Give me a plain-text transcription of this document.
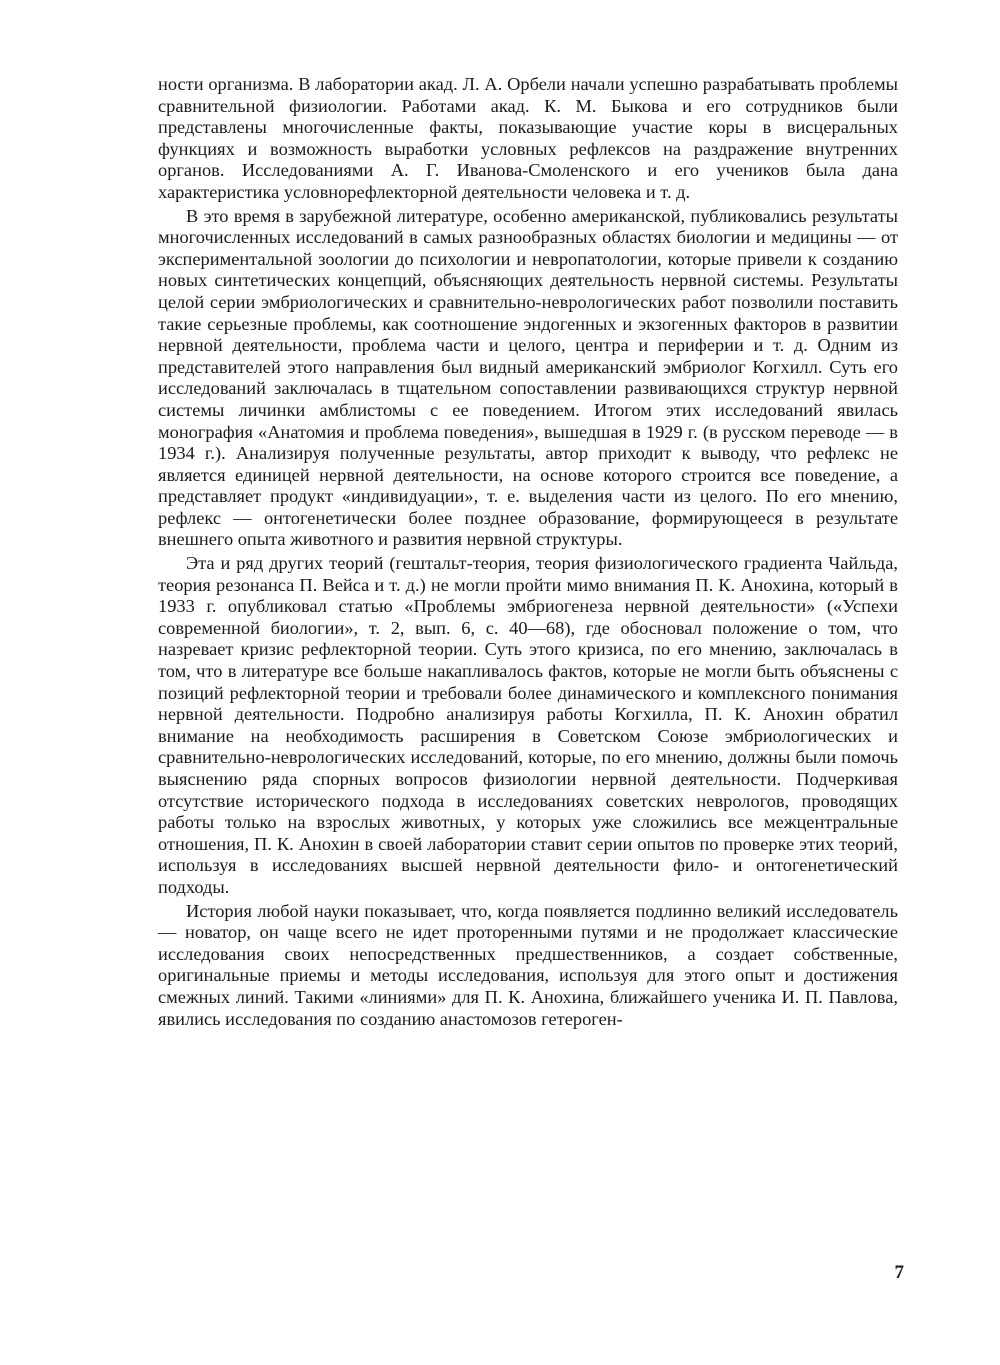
ности организма. В лаборатории акад. Л. А. Орбели начали успешно разрабатывать проблемы сравнительной физиологии. Работами акад. К. М. Быкова и его сотрудников были представлены многочисленные факты, показывающие участие коры в висцеральных функциях и возможность выработки условных рефлексов на раздражение внутренних органов. Исследованиями А. Г. Иванова-Смоленского и его учеников была дана характеристика условнорефлекторной деятельности человека и т. д.

В это время в зарубежной литературе, особенно американской, публиковались результаты многочисленных исследований в самых разнообразных областях биологии и медицины — от экспериментальной зоологии до психологии и невропатологии, которые привели к созданию новых синтетических концепций, объясняющих деятельность нервной системы. Результаты целой серии эмбриологических и сравнительно-неврологических работ позволили поставить такие серьезные проблемы, как соотношение эндогенных и экзогенных факторов в развитии нервной деятельности, проблема части и целого, центра и периферии и т. д. Одним из представителей этого направления был видный американский эмбриолог Когхилл. Суть его исследований заключалась в тщательном сопоставлении развивающихся структур нервной системы личинки амблистомы с ее поведением. Итогом этих исследований явилась монография «Анатомия и проблема поведения», вышедшая в 1929 г. (в русском переводе — в 1934 г.). Анализируя полученные результаты, автор приходит к выводу, что рефлекс не является единицей нервной деятельности, на основе которого строится все поведение, а представляет продукт «индивидуации», т. е. выделения части из целого. По его мнению, рефлекс — онтогенетически более позднее образование, формирующееся в результате внешнего опыта животного и развития нервной структуры.

Эта и ряд других теорий (гештальт-теория, теория физиологического градиента Чайльда, теория резонанса П. Вейса и т. д.) не могли пройти мимо внимания П. К. Анохина, который в 1933 г. опубликовал статью «Проблемы эмбриогенеза нервной деятельности» («Успехи современной биологии», т. 2, вып. 6, с. 40—68), где обосновал положение о том, что назревает кризис рефлекторной теории. Суть этого кризиса, по его мнению, заключалась в том, что в литературе все больше накапливалось фактов, которые не могли быть объяснены с позиций рефлекторной теории и требовали более динамического и комплексного понимания нервной деятельности. Подробно анализируя работы Когхилла, П. К. Анохин обратил внимание на необходимость расширения в Советском Союзе эмбриологических и сравнительно-неврологических исследований, которые, по его мнению, должны были помочь выяснению ряда спорных вопросов физиологии нервной деятельности. Подчеркивая отсутствие исторического подхода в исследованиях советских неврологов, проводящих работы только на взрослых животных, у которых уже сложились все межцентральные отношения, П. К. Анохин в своей лаборатории ставит серии опытов по проверке этих теорий, используя в исследованиях высшей нервной деятельности фило- и онтогенетический подходы.

История любой науки показывает, что, когда появляется подлинно великий исследователь — новатор, он чаще всего не идет проторенными путями и не продолжает классические исследования своих непосредственных предшественников, а создает собственные, оригинальные приемы и методы исследования, используя для этого опыт и достижения смежных линий. Такими «линиями» для П. К. Анохина, ближайшего ученика И. П. Павлова, явились исследования по созданию анастомозов гетероген-

7
